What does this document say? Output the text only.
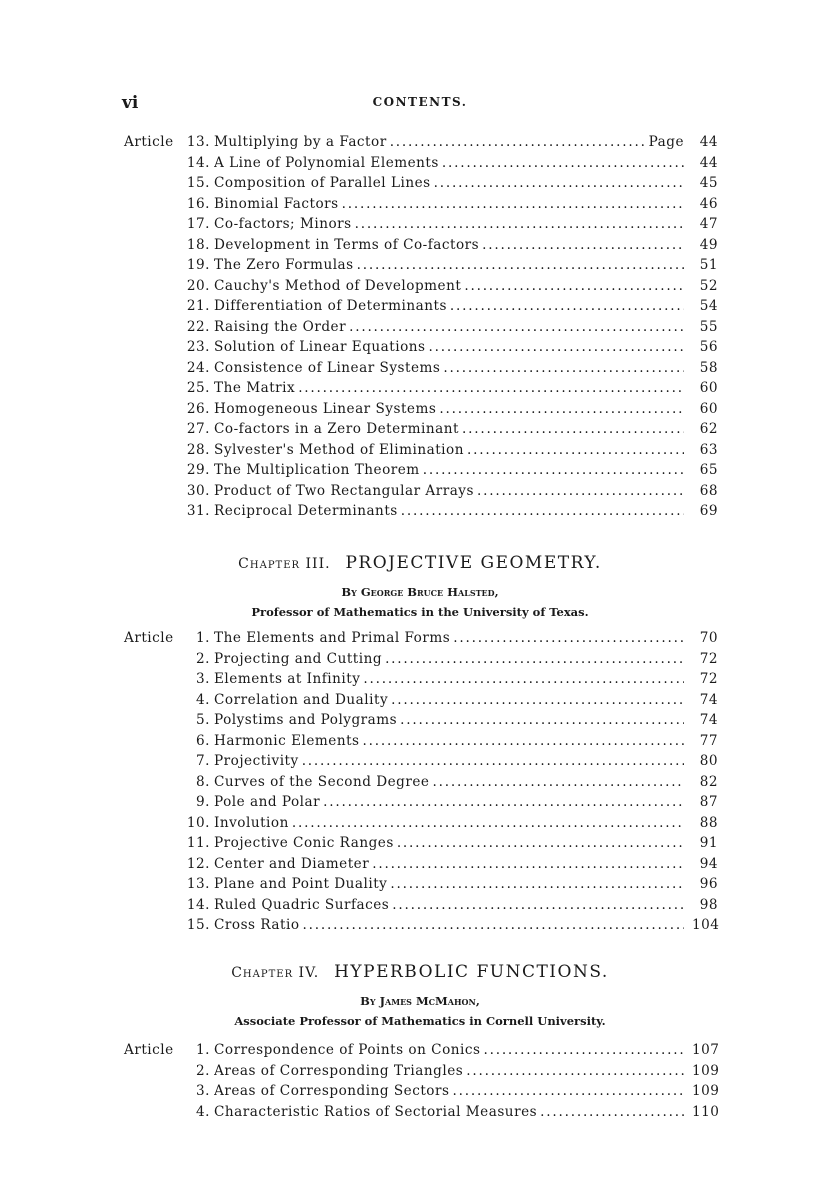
vi	CONTENTS.
Article 13. Multiplying by a Factor .....	Page	44
14. A Line of Polynomial Elements .....	44
15. Composition of Parallel Lines .....	45
16. Binomial Factors .....	46
17. Co-factors; Minors .....	47
18. Development in Terms of Co-factors .....	49
19. The Zero Formulas .....	51
20. Cauchy's Method of Development .....	52
21. Differentiation of Determinants .....	54
22. Raising the Order .....	55
23. Solution of Linear Equations .....	56
24. Consistence of Linear Systems .....	58
25. The Matrix .....	60
26. Homogeneous Linear Systems .....	60
27. Co-factors in a Zero Determinant .....	62
28. Sylvester's Method of Elimination .....	63
29. The Multiplication Theorem .....	65
30. Product of Two Rectangular Arrays .....	68
31. Reciprocal Determinants .....	69
Chapter III. PROJECTIVE GEOMETRY.
By George Bruce Halsted,
Professor of Mathematics in the University of Texas.
Article 1. The Elements and Primal Forms .....	70
2. Projecting and Cutting .....	72
3. Elements at Infinity .....	72
4. Correlation and Duality .....	74
5. Polystims and Polygrams .....	74
6. Harmonic Elements .....	77
7. Projectivity .....	80
8. Curves of the Second Degree .....	82
9. Pole and Polar .....	87
10. Involution .....	88
11. Projective Conic Ranges .....	91
12. Center and Diameter .....	94
13. Plane and Point Duality .....	96
14. Ruled Quadric Surfaces .....	98
15. Cross Ratio .....	104
Chapter IV. HYPERBOLIC FUNCTIONS.
By James McMahon,
Associate Professor of Mathematics in Cornell University.
Article 1. Correspondence of Points on Conics .....	107
2. Areas of Corresponding Triangles .....	109
3. Areas of Corresponding Sectors .....	109
4. Characteristic Ratios of Sectorial Measures .....	110
